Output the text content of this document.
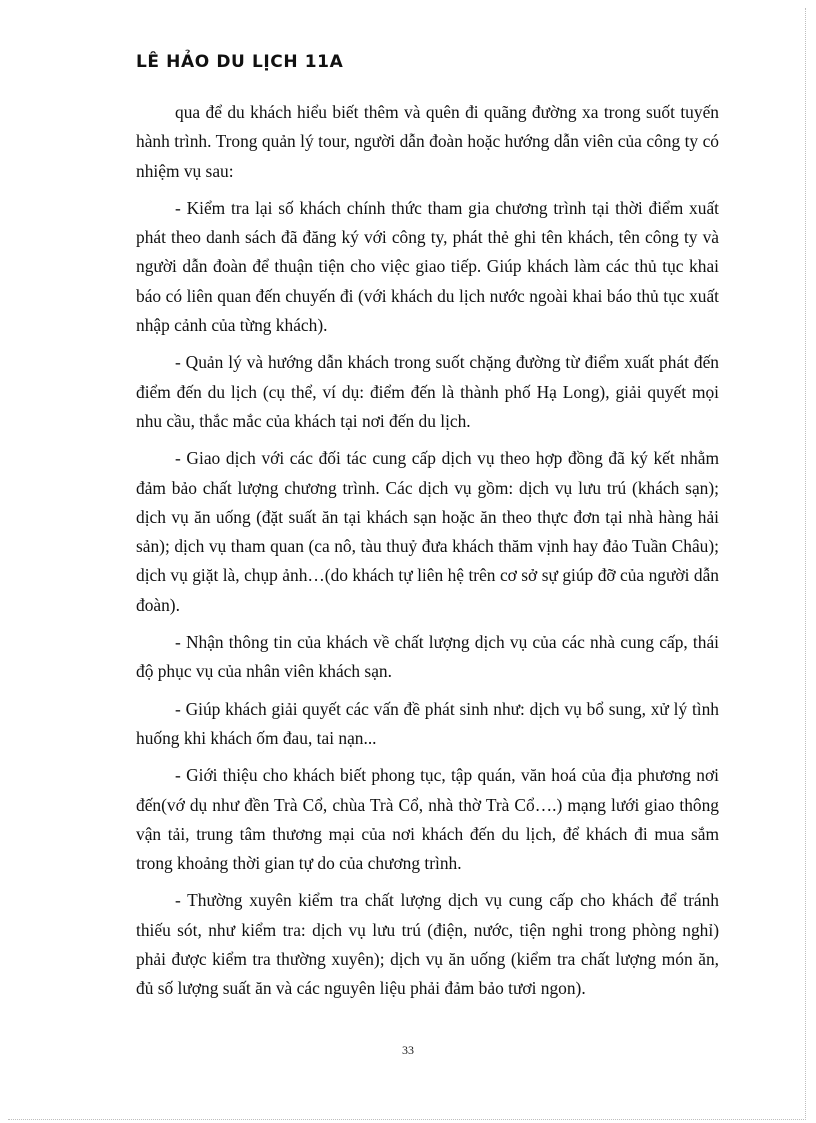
LÊ HẢO DU LỊCH 11A

qua để du khách hiểu biết thêm và quên đi quãng đường xa trong suốt tuyến hành trình. Trong quản lý tour, người dẫn đoàn hoặc hướng dẫn viên của công ty có nhiệm vụ sau:

- Kiểm tra lại số khách chính thức tham gia chương trình tại thời điểm xuất phát theo danh sách đã đăng ký với công ty, phát thẻ ghi tên khách, tên công ty và người dẫn đoàn để thuận tiện cho việc giao tiếp. Giúp khách làm các thủ tục khai báo có liên quan đến chuyến đi (với khách du lịch nước ngoài khai báo thủ tục xuất nhập cảnh của từng khách).

- Quản lý và hướng dẫn khách trong suốt chặng đường từ điểm xuất phát đến điểm đến du lịch (cụ thể, ví dụ: điểm đến là thành phố Hạ Long), giải quyết mọi nhu cầu, thắc mắc của khách tại nơi đến du lịch.

- Giao dịch với các đối tác cung cấp dịch vụ theo hợp đồng đã ký kết nhằm đảm bảo chất lượng chương trình. Các dịch vụ gồm: dịch vụ lưu trú (khách sạn); dịch vụ ăn uống (đặt suất ăn tại khách sạn hoặc ăn theo thực đơn tại nhà hàng hải sản); dịch vụ tham quan (ca nô, tàu thuỷ đưa khách thăm vịnh hay đảo Tuần Châu); dịch vụ giặt là, chụp ảnh…(do khách tự liên hệ trên cơ sở sự giúp đỡ của người dẫn đoàn).

- Nhận thông tin của khách về chất lượng dịch vụ của các nhà cung cấp, thái độ phục vụ của nhân viên khách sạn.

- Giúp khách giải quyết các vấn đề phát sinh như: dịch vụ bổ sung, xử lý tình huống khi khách ốm đau, tai nạn...

- Giới thiệu cho khách biết phong tục, tập quán, văn hoá của địa phương nơi đến(vớ dụ như đền Trà Cổ, chùa Trà Cổ, nhà thờ Trà Cổ….) mạng lưới giao thông vận tải, trung tâm thương mại của nơi khách đến du lịch, để khách đi mua sắm trong khoảng thời gian tự do của chương trình.

- Thường xuyên kiểm tra chất lượng dịch vụ cung cấp cho khách để tránh thiếu sót, như kiểm tra: dịch vụ lưu trú (điện, nước, tiện nghi trong phòng nghỉ) phải được kiểm tra thường xuyên); dịch vụ ăn uống (kiểm tra chất lượng món ăn, đủ số lượng suất ăn và các nguyên liệu phải đảm bảo tươi ngon).

33
